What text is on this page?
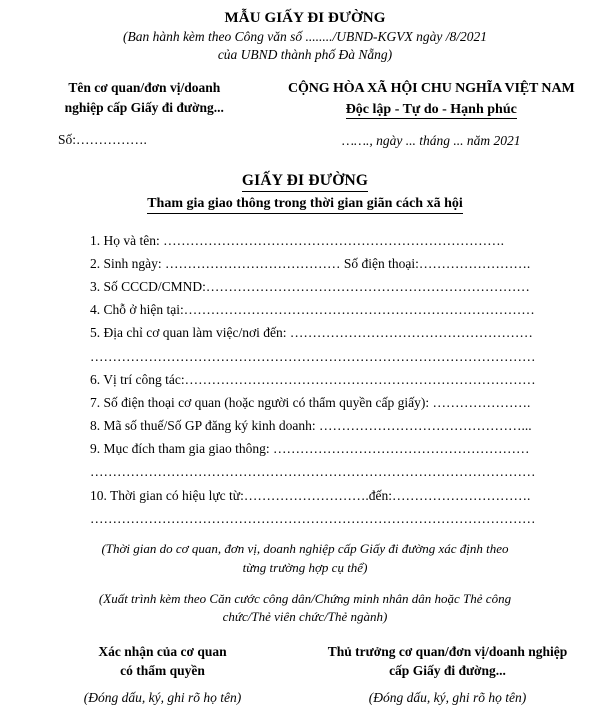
MẪU GIẤY ĐI ĐƯỜNG
(Ban hành kèm theo Công văn số ......../UBND-KGVX ngày /8/2021
của UBND thành phố Đà Nẵng)
Tên cơ quan/đơn vị/doanh
nghiệp cấp Giấy đi đường...
Số:…………….
CỘNG HÒA XÃ HỘI CHU NGHĨA VIỆT NAM
Độc lập - Tự do - Hạnh phúc
……., ngày ... tháng ... năm 2021
GIẤY ĐI ĐƯỜNG
Tham gia giao thông trong thời gian giãn cách xã hội
1. Họ và tên: ………………………………………………………………….
2. Sinh ngày: ………………………………… Số điện thoại:…………………….
3. Số CCCD/CMND:………………………………………………………………
4. Chỗ ở hiện tại:……………………………………………………………………
5. Địa chỉ cơ quan làm việc/nơi đến: ………………………………………………
………………………………………………………………………………………
6. Vị trí công tác:……………………………………………………………………
7. Số điện thoại cơ quan (hoặc người có thẩm quyền cấp giấy): ………………….
8. Mã số thuế/Số GP đăng ký kinh doanh: ………………………………………...
9. Mục đích tham gia giao thông: …………………………………………………
………………………………………………………………………………………
10. Thời gian có hiệu lực từ:……………………….đến:………………………….
………………………………………………………………………………………
(Thời gian do cơ quan, đơn vị, doanh nghiệp cấp Giấy đi đường xác định theo
từng trường hợp cụ thể)
(Xuất trình kèm theo Căn cước công dân/Chứng minh nhân dân hoặc Thẻ công
chức/Thẻ viên chức/Thẻ ngành)
Xác nhận của cơ quan
có thẩm quyền
(Đóng dấu, ký, ghi rõ họ tên)
Thủ trưởng cơ quan/đơn vị/doanh nghiệp
cấp Giấy đi đường...
(Đóng dấu, ký, ghi rõ họ tên)
